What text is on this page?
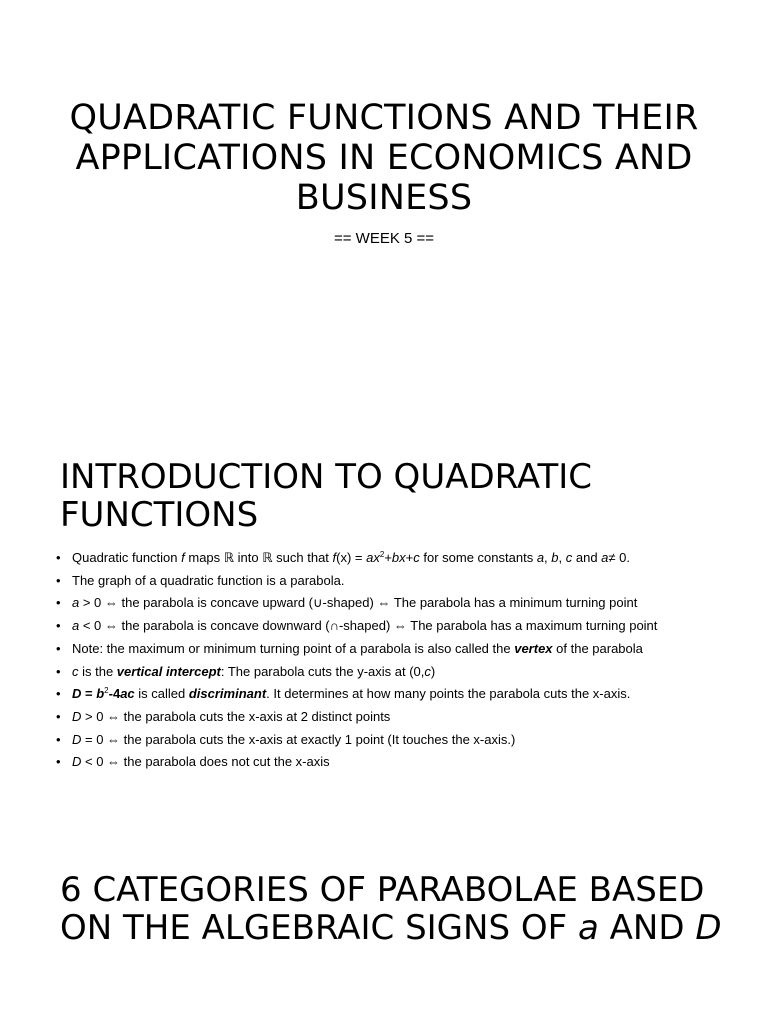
QUADRATIC FUNCTIONS AND THEIR APPLICATIONS IN ECONOMICS AND BUSINESS
== WEEK 5 ==
INTRODUCTION TO QUADRATIC FUNCTIONS
• Quadratic function f maps ℝ into ℝ such that $f(x) = ax^2+bx+c$ for some constants a, b, c and a≠ 0.
• The graph of a quadratic function is a parabola.
• a > 0 ⇔ the parabola is concave upward (∪-shaped) ⇔ The parabola has a minimum turning point
• a < 0 ⇔ the parabola is concave downward (∩-shaped) ⇔ The parabola has a maximum turning point
• Note: the maximum or minimum turning point of a parabola is also called the vertex of the parabola
• c is the vertical intercept: The parabola cuts the y-axis at (0,c)
• $D = b^2-4ac$ is called discriminant. It determines at how many points the parabola cuts the x-axis.
• D > 0 ⇔ the parabola cuts the x-axis at 2 distinct points
• D = 0 ⇔ the parabola cuts the x-axis at exactly 1 point (It touches the x-axis.)
• D < 0 ⇔ the parabola does not cut the x-axis
6 CATEGORIES OF PARABOLAE BASED ON THE ALGEBRAIC SIGNS OF a AND D
